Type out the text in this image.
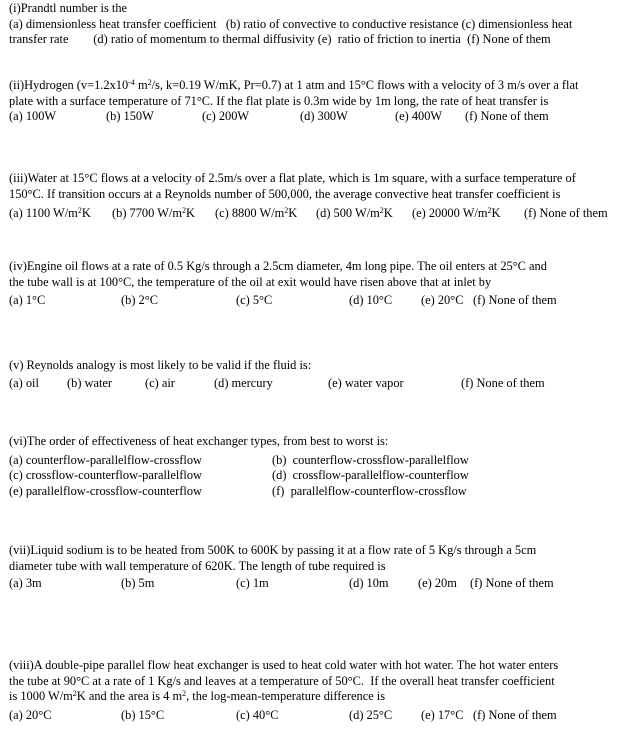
(i)Prandtl number is the
(a) dimensionless heat transfer coefficient   (b) ratio of convective to conductive resistance (c) dimensionless heat
transfer rate        (d) ratio of momentum to thermal diffusivity (e)  ratio of friction to inertia  (f) None of them
(ii)Hydrogen ($v=1.2x10^{-4}$ $m^2/s$, k=0.19 W/mK, Pr=0.7) at 1 atm and 15°C flows with a velocity of 3 m/s over a flat
plate with a surface temperature of 71°C. If the flat plate is 0.3m wide by 1m long, the rate of heat transfer is
(a) 100W	(b) 150W	(c) 200W	(d) 300W	(e) 400W (f) None of them
(iii)Water at 15°C flows at a velocity of 2.5m/s over a flat plate, which is 1m square, with a surface temperature of
150°C. If transition occurs at a Reynolds number of 500,000, the average convective heat transfer coefficient is
(a) 1100 $W/m^2K$ (b) 7700 $W/m^2K$ (c) 8800 $W/m^2K$ (d) 500 $W/m^2K$ (e) 20000 $W/m^2K$ (f) None of them
(iv)Engine oil flows at a rate of 0.5 Kg/s through a 2.5cm diameter, 4m long pipe. The oil enters at 25°C and
the tube wall is at 100°C, the temperature of the oil at exit would have risen above that at inlet by
(a) 1°C	(b) 2°C	(c) 5°C	(d) 10°C (e) 20°C (f) None of them
(v) Reynolds analogy is most likely to be valid if the fluid is:
(a) oil (b) water	(c) air	(d) mercury	(e) water vapor	(f) None of them
(vi)The order of effectiveness of heat exchanger types, from best to worst is:
(a) counterflow-parallelflow-crossflow	(b)  counterflow-crossflow-parallelflow
(c) crossflow-counterflow-parallelflow	(d)  crossflow-parallelflow-counterflow
(e) parallelflow-crossflow-counterflow	(f)  parallelflow-counterflow-crossflow
(vii)Liquid sodium is to be heated from 500K to 600K by passing it at a flow rate of 5 Kg/s through a 5cm
diameter tube with wall temperature of 620K. The length of tube required is
(a) 3m	(b) 5m	(c) 1m	(d) 10m (e) 20m (f) None of them
(viii)A double-pipe parallel flow heat exchanger is used to heat cold water with hot water. The hot water enters
the tube at 90°C at a rate of 1 Kg/s and leaves at a temperature of 50°C.  If the overall heat transfer coefficient
is 1000 $W/m^2K$ and the area is 4 $m^2$, the log-mean-temperature difference is
(a) 20°C	(b) 15°C	(c) 40°C	(d) 25°C (e) 17°C (f) None of them
